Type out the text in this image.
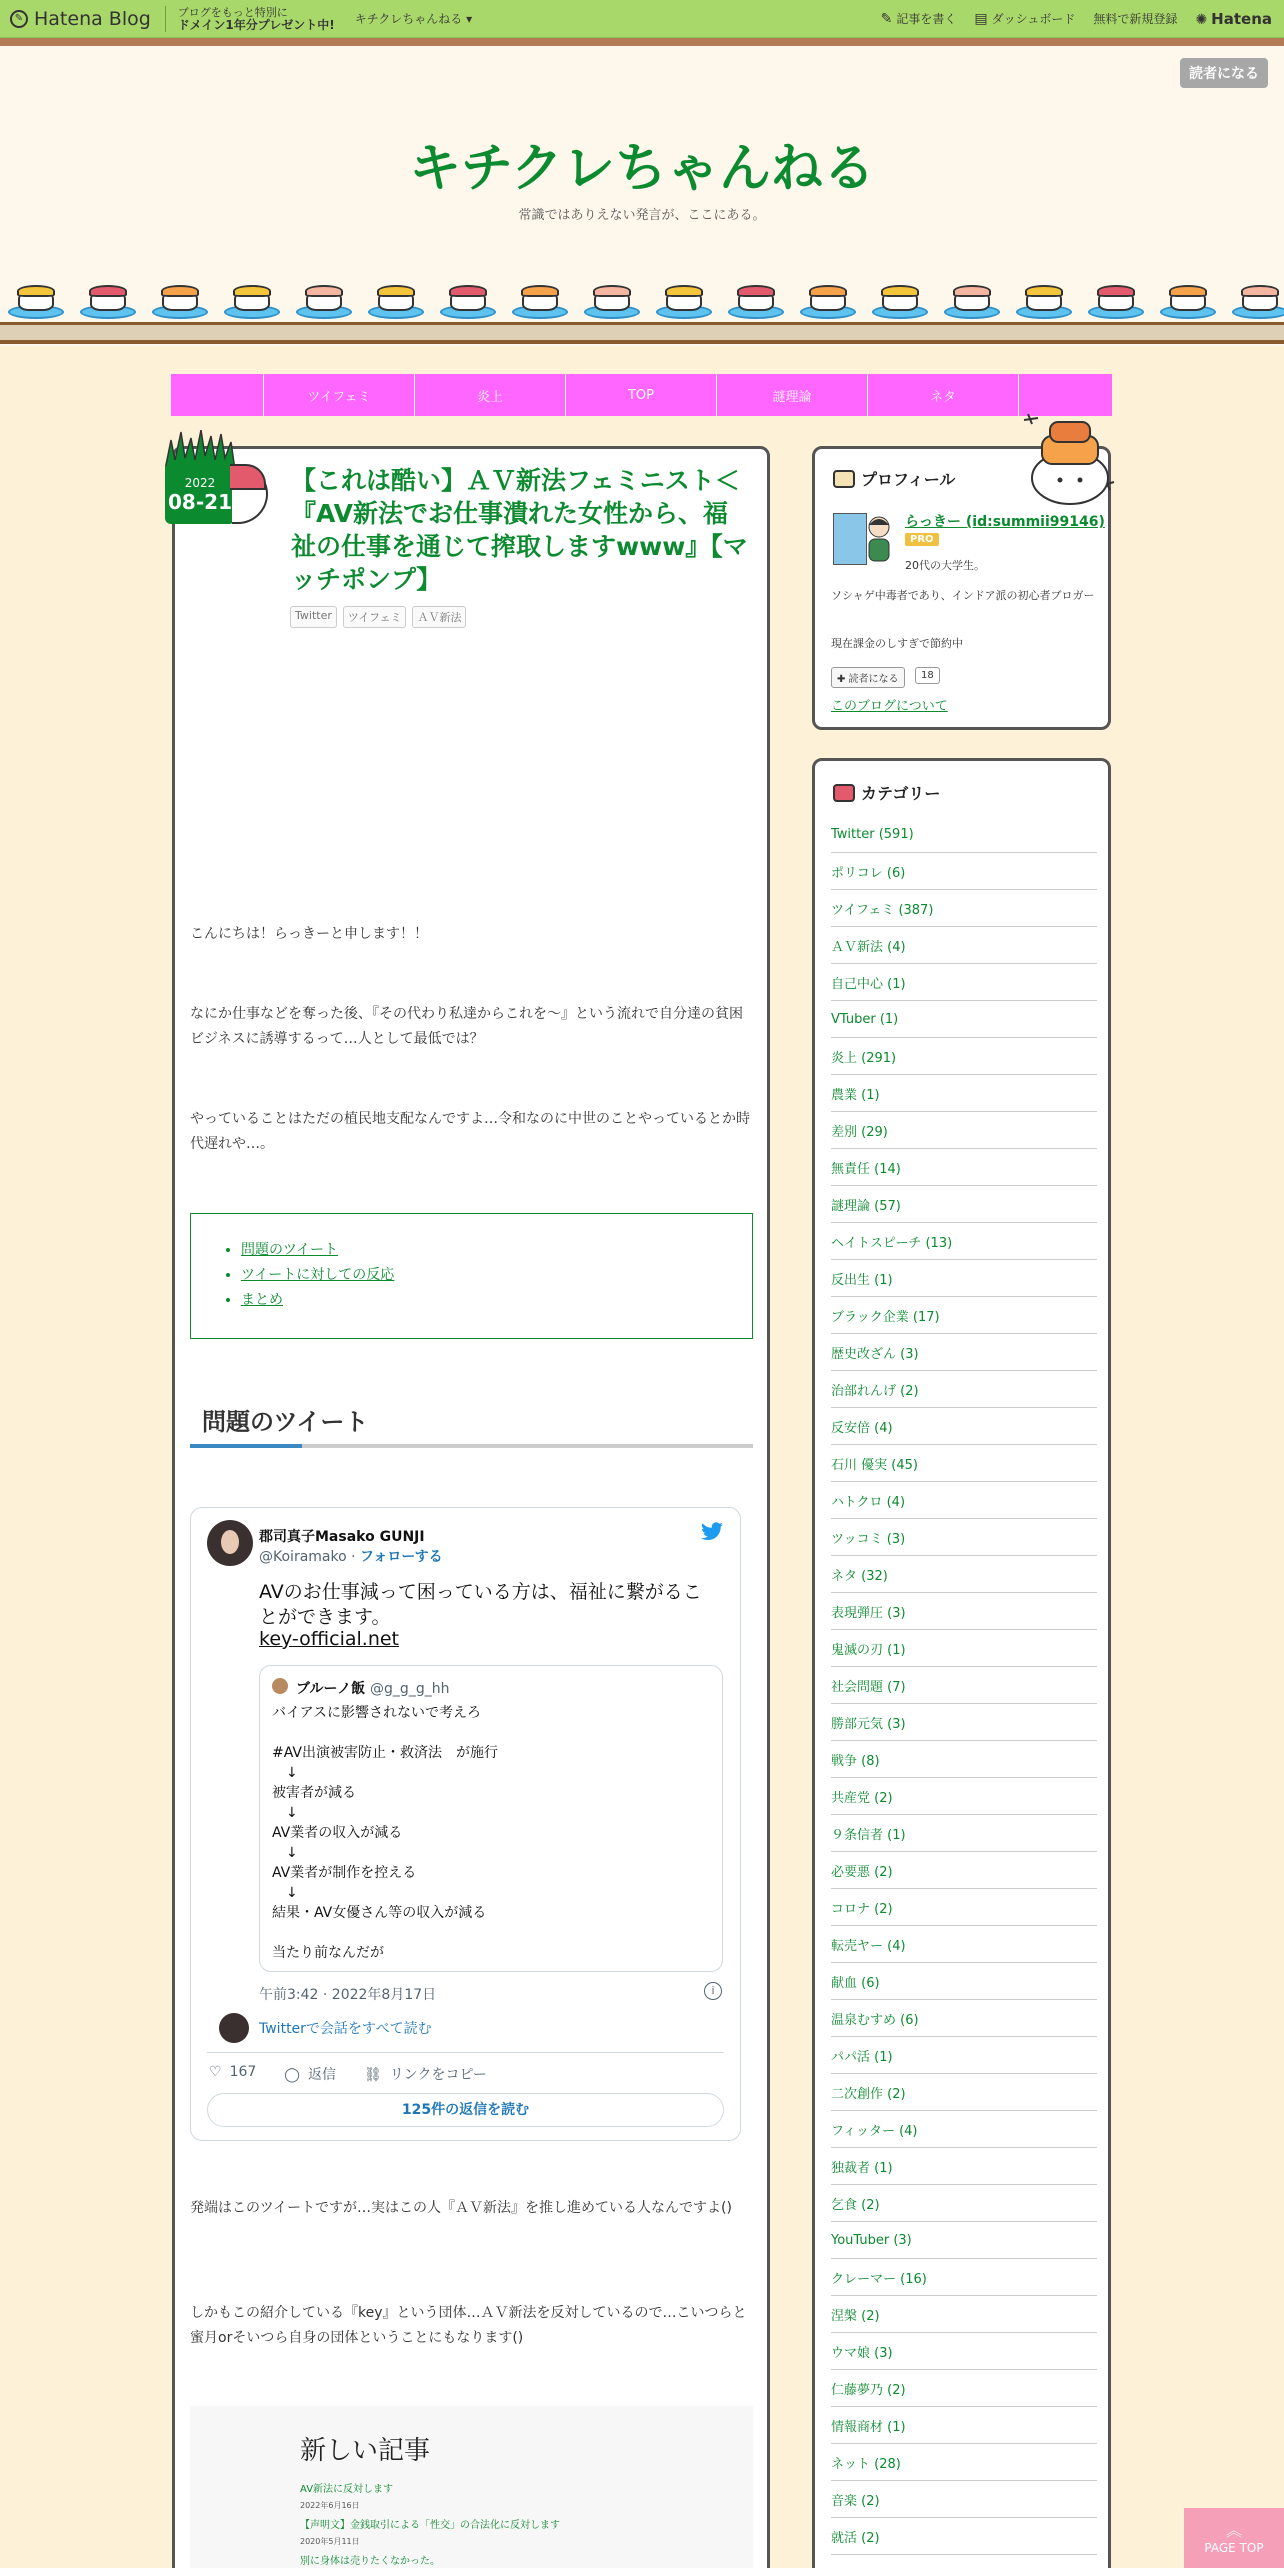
✎ Hatena Blog	ブログをもっと特別に
ドメイン1年分プレゼント中! キチクレちゃんねる ▾	✎ 記事を書く ▤ ダッシュボード 無料で新規登録 ✺ Hatena
読者になる
キチクレちゃんねる
常識ではありえない発言が、ここにある。
ツイフェミ	炎上	TOP	謎理論	ネタ
2022
08-21
【これは酷い】ＡＶ新法フェミニスト＜『AV新法でお仕事潰れた女性から、福祉の仕事を通じて搾取しますwww』【マッチポンプ】
Twitter	ツイフェミ	ＡＶ新法
こんにちは！らっきーと申します！！
なにか仕事などを奪った後、『その代わり私達からこれを～』という流れで自分達の貧困ビジネスに誘導するって…人として最低では？
やっていることはただの植民地支配なんですよ…令和なのに中世のことやっているとか時代遅れや…。
• 問題のツイート
• ツイートに対しての反応
• まとめ
問題のツイート
郡司真子Masako GUNJI
@Koiramako · フォローする
AVのお仕事減って困っている方は、福祉に繋がることができます。
key-official.net
ブルーノ飯 @g_g_g_hh
バイアスに影響されないで考えろ
#AV出演被害防止・救済法　が施行
　↓
被害者が減る
　↓
AV業者の収入が減る
　↓
AV業者が制作を控える
　↓
結果・AV女優さん等の収入が減る
当たり前なんだが
午前3:42 · 2022年8月17日	i
Twitterで会話をすべて読む
♡ 167 ◯ 返信 ⛓ リンクをコピー
125件の返信を読む
発端はこのツイートですが…実はこの人『ＡＶ新法』を推し進めている人なんですよ()
しかもこの紹介している『key』という団体…ＡＶ新法を反対しているので…こいつらと蜜月orそいつら自身の団体ということにもなります()
新しい記事
AV新法に反対します
2022年6月16日
【声明文】金銭取引による「性交」の合法化に反対します
2020年5月11日
別に身体は売りたくなかった。
プロフィール
らっきー (id:summii99146)
PRO
20代の大学生。
ソシャゲ中毒者であり、インドア派の初心者ブロガー
現在課金のしすぎで節約中
✚ 読者になる	18
このブログについて
カテゴリー
Twitter (591)
ポリコレ (6)
ツイフェミ (387)
ＡＶ新法 (4)
自己中心 (1)
VTuber (1)
炎上 (291)
農業 (1)
差別 (29)
無責任 (14)
謎理論 (57)
ヘイトスピーチ (13)
反出生 (1)
ブラック企業 (17)
歴史改ざん (3)
治部れんげ (2)
反安倍 (4)
石川 優実 (45)
ハトクロ (4)
ツッコミ (3)
ネタ (32)
表現弾圧 (3)
鬼滅の刃 (1)
社会問題 (7)
勝部元気 (3)
戦争 (8)
共産党 (2)
９条信者 (1)
必要悪 (2)
コロナ (2)
転売ヤー (4)
献血 (6)
温泉むすめ (6)
パパ活 (1)
二次創作 (2)
フィッター (4)
独裁者 (1)
乞食 (2)
YouTuber (3)
クレーマー (16)
涅槃 (2)
ウマ娘 (3)
仁藤夢乃 (2)
情報商材 (1)
ネット (28)
音楽 (2)
就活 (2)	︽
PAGE TOP
